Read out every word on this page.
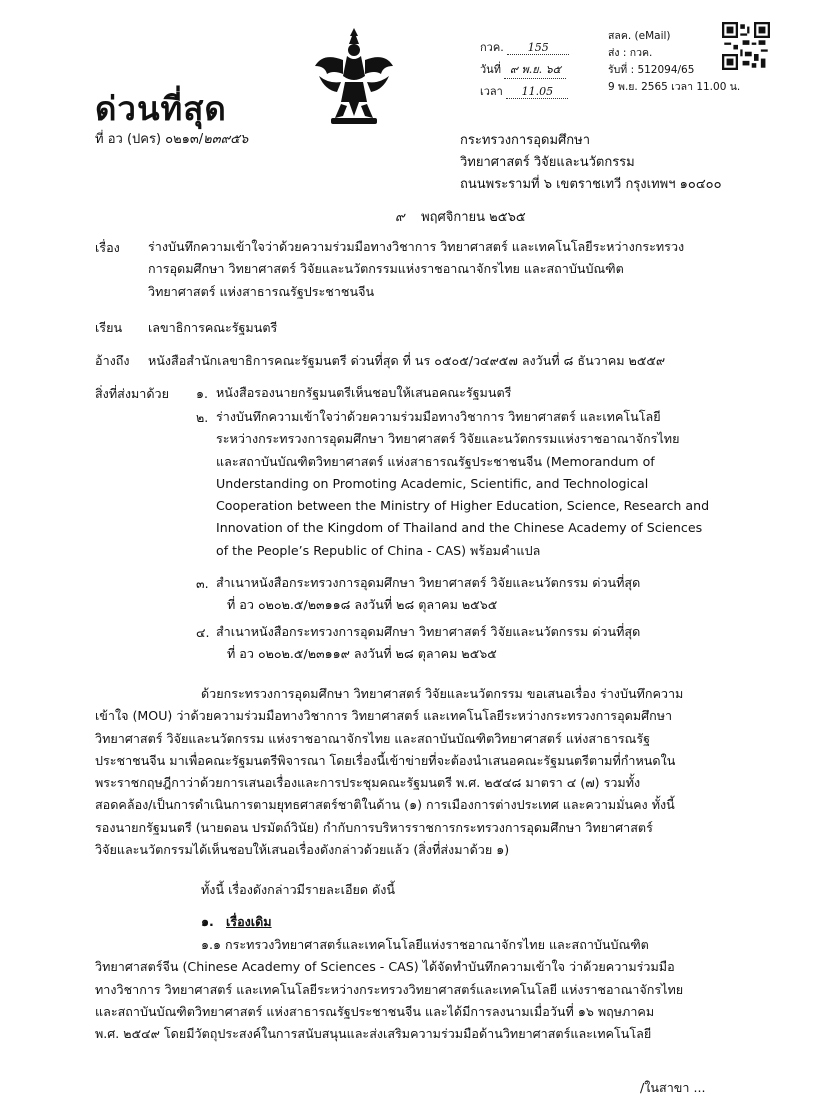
ด่วนที่สุด
ที่ อว (ปคร) ๐๒๑๓/๒๓๙๕๖
กวค. 155
วันที่ ๙ พ.ย. ๖๕
เวลา 11.05
สลค. (eMail)
ส่ง : กวค.
รับที่ : 512094/65
9 พ.ย. 2565 เวลา 11.00 น.
กระทรวงการอุดมศึกษา
วิทยาศาสตร์ วิจัยและนวัตกรรม
ถนนพระรามที่ ๖ เขตราชเทวี กรุงเทพฯ ๑๐๔๐๐
๙ พฤศจิกายน ๒๕๖๕
เรื่อง ร่างบันทึกความเข้าใจว่าด้วยความร่วมมือทางวิชาการ วิทยาศาสตร์ และเทคโนโลยีระหว่างกระทรวง
การอุดมศึกษา วิทยาศาสตร์ วิจัยและนวัตกรรมแห่งราชอาณาจักรไทย และสถาบันบัณฑิต
วิทยาศาสตร์ แห่งสาธารณรัฐประชาชนจีน
เรียน เลขาธิการคณะรัฐมนตรี
อ้างถึง หนังสือสำนักเลขาธิการคณะรัฐมนตรี ด่วนที่สุด ที่ นร ๐๕๐๕/ว๔๙๕๗ ลงวันที่ ๘ ธันวาคม ๒๕๕๙
สิ่งที่ส่งมาด้วย ๑. หนังสือรองนายกรัฐมนตรีเห็นชอบให้เสนอคณะรัฐมนตรี
๒. ร่างบันทึกความเข้าใจว่าด้วยความร่วมมือทางวิชาการ วิทยาศาสตร์ และเทคโนโลยี
ระหว่างกระทรวงการอุดมศึกษา วิทยาศาสตร์ วิจัยและนวัตกรรมแห่งราชอาณาจักรไทย
และสถาบันบัณฑิตวิทยาศาสตร์ แห่งสาธารณรัฐประชาชนจีน (Memorandum of
Understanding on Promoting Academic, Scientific, and Technological
Cooperation between the Ministry of Higher Education, Science, Research and
Innovation of the Kingdom of Thailand and the Chinese Academy of Sciences
of the People’s Republic of China - CAS) พร้อมคำแปล
๓. สำเนาหนังสือกระทรวงการอุดมศึกษา วิทยาศาสตร์ วิจัยและนวัตกรรม ด่วนที่สุด
ที่ อว ๐๒๐๒.๕/๒๓๑๑๘ ลงวันที่ ๒๘ ตุลาคม ๒๕๖๕
๔. สำเนาหนังสือกระทรวงการอุดมศึกษา วิทยาศาสตร์ วิจัยและนวัตกรรม ด่วนที่สุด
ที่ อว ๐๒๐๒.๕/๒๓๑๑๙ ลงวันที่ ๒๘ ตุลาคม ๒๕๖๕
ด้วยกระทรวงการอุดมศึกษา วิทยาศาสตร์ วิจัยและนวัตกรรม ขอเสนอเรื่อง ร่างบันทึกความ
เข้าใจ (MOU) ว่าด้วยความร่วมมือทางวิชาการ วิทยาศาสตร์ และเทคโนโลยีระหว่างกระทรวงการอุดมศึกษา
วิทยาศาสตร์ วิจัยและนวัตกรรม แห่งราชอาณาจักรไทย และสถาบันบัณฑิตวิทยาศาสตร์ แห่งสาธารณรัฐ
ประชาชนจีน มาเพื่อคณะรัฐมนตรีพิจารณา โดยเรื่องนี้เข้าข่ายที่จะต้องนำเสนอคณะรัฐมนตรีตามที่กำหนดใน
พระราชกฤษฎีกาว่าด้วยการเสนอเรื่องและการประชุมคณะรัฐมนตรี พ.ศ. ๒๕๔๘ มาตรา ๔ (๗) รวมทั้ง
สอดคล้อง/เป็นการดำเนินการตามยุทธศาสตร์ชาติในด้าน (๑) การเมืองการต่างประเทศ และความมั่นคง ทั้งนี้
รองนายกรัฐมนตรี (นายดอน ปรมัตถ์วินัย) กำกับการบริหารราชการกระทรวงการอุดมศึกษา วิทยาศาสตร์
วิจัยและนวัตกรรมได้เห็นชอบให้เสนอเรื่องดังกล่าวด้วยแล้ว (สิ่งที่ส่งมาด้วย ๑)
ทั้งนี้ เรื่องดังกล่าวมีรายละเอียด ดังนี้
๑. เรื่องเดิม
๑.๑ กระทรวงวิทยาศาสตร์และเทคโนโลยีแห่งราชอาณาจักรไทย และสถาบันบัณฑิต
วิทยาศาสตร์จีน (Chinese Academy of Sciences - CAS) ได้จัดทำบันทึกความเข้าใจ ว่าด้วยความร่วมมือ
ทางวิชาการ วิทยาศาสตร์ และเทคโนโลยีระหว่างกระทรวงวิทยาศาสตร์และเทคโนโลยี แห่งราชอาณาจักรไทย
และสถาบันบัณฑิตวิทยาศาสตร์ แห่งสาธารณรัฐประชาชนจีน และได้มีการลงนามเมื่อวันที่ ๑๖ พฤษภาคม
พ.ศ. ๒๕๔๙ โดยมีวัตถุประสงค์ในการสนับสนุนและส่งเสริมความร่วมมือด้านวิทยาศาสตร์และเทคโนโลยี
/ในสาขา ...
